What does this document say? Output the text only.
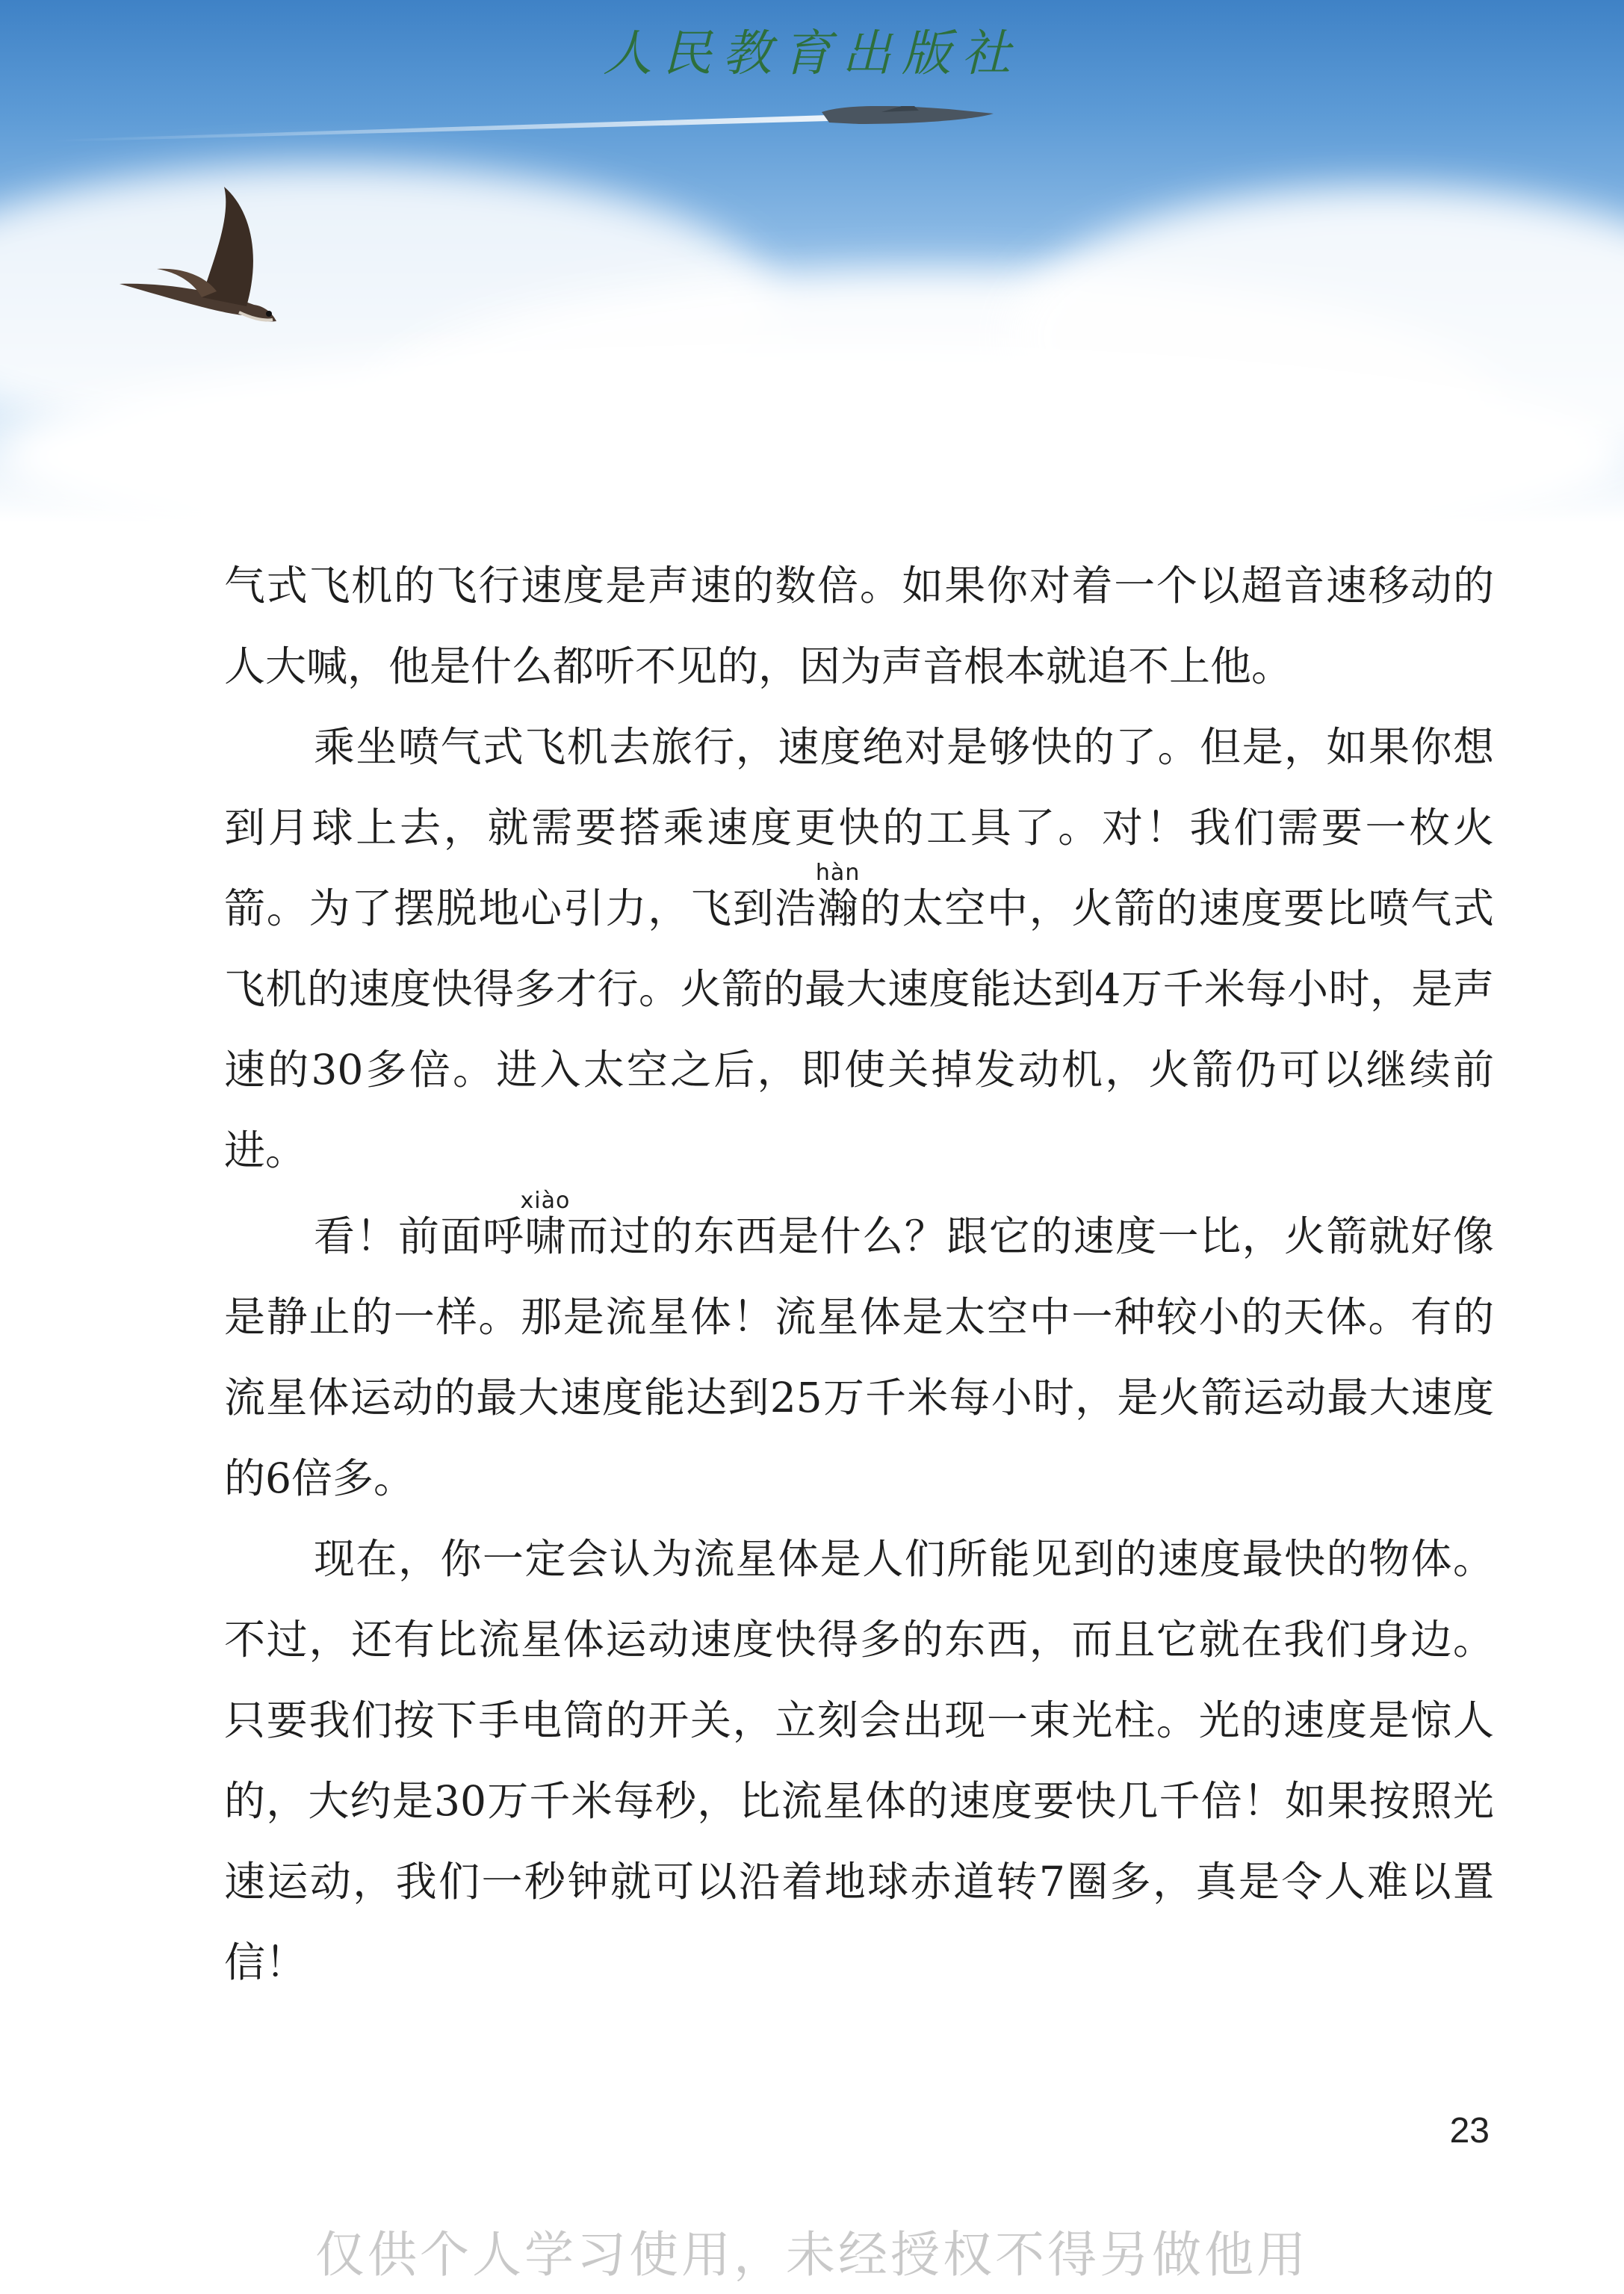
人民教育出版社

气式飞机的飞行速度是声速的数倍。如果你对着一个以超音速移动的人大喊，他是什么都听不见的，因为声音根本就追不上他。

乘坐喷气式飞机去旅行，速度绝对是够快的了。但是，如果你想到月球上去，就需要搭乘速度更快的工具了。对！我们需要一枚火箭。为了摆脱地心引力，飞到浩瀚hàn的太空中，火箭的速度要比喷气式飞机的速度快得多才行。火箭的最大速度能达到4万千米每小时，是声速的30多倍。进入太空之后，即使关掉发动机，火箭仍可以继续前进。

看！前面呼啸xiào而过的东西是什么？跟它的速度一比，火箭就好像是静止的一样。那是流星体！流星体是太空中一种较小的天体。有的流星体运动的最大速度能达到25万千米每小时，是火箭运动最大速度的6倍多。

现在，你一定会认为流星体是人们所能见到的速度最快的物体。不过，还有比流星体运动速度快得多的东西，而且它就在我们身边。只要我们按下手电筒的开关，立刻会出现一束光柱。光的速度是惊人的，大约是30万千米每秒，比流星体的速度要快几千倍！如果按照光速运动，我们一秒钟就可以沿着地球赤道转7圈多，真是令人难以置信！

23
仅供个人学习使用，未经授权不得另做他用
